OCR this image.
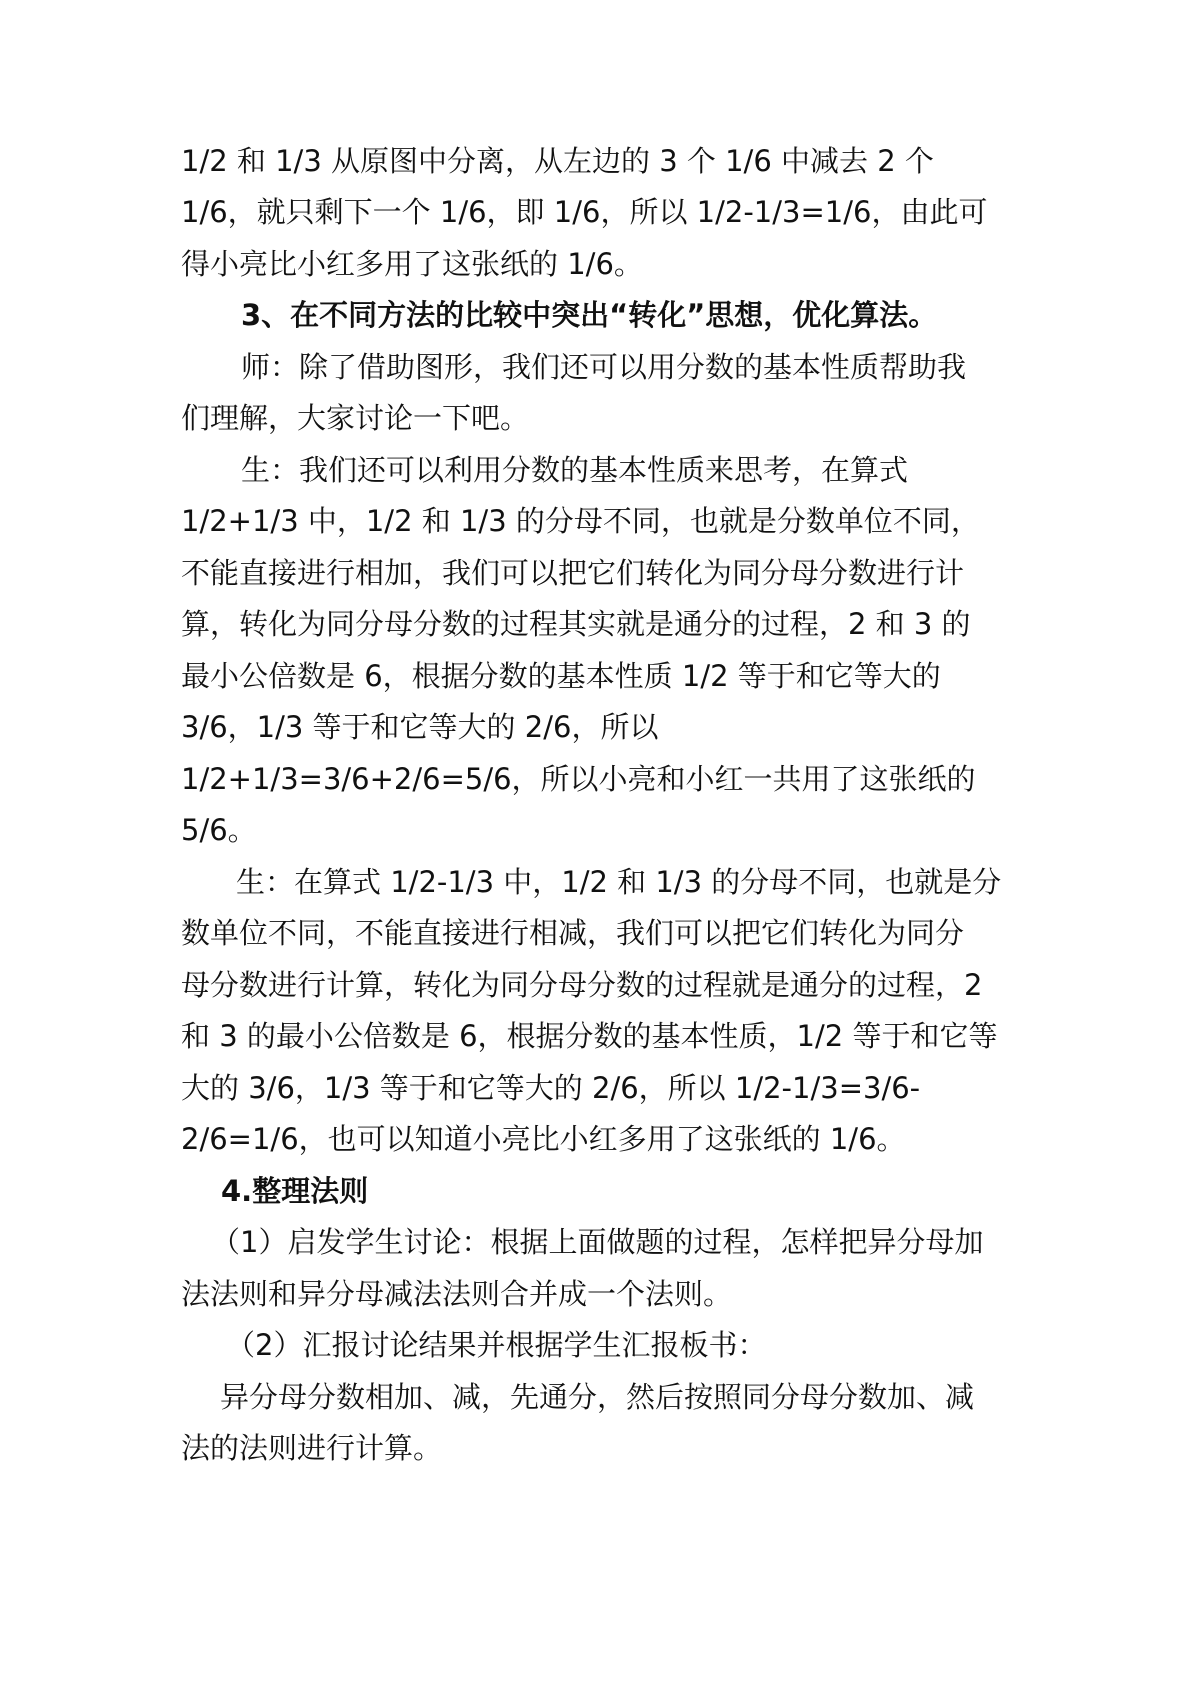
1/2 和 1/3 从原图中分离，从左边的 3 个 1/6 中减去 2 个
1/6，就只剩下一个 1/6，即 1/6，所以 1/2-1/3=1/6，由此可
得小亮比小红多用了这张纸的 1/6。
3、在不同方法的比较中突出“转化”思想，优化算法。
师：除了借助图形，我们还可以用分数的基本性质帮助我
们理解，大家讨论一下吧。
生：我们还可以利用分数的基本性质来思考，在算式
1/2+1/3 中，1/2 和 1/3 的分母不同，也就是分数单位不同，
不能直接进行相加，我们可以把它们转化为同分母分数进行计
算，转化为同分母分数的过程其实就是通分的过程，2 和 3 的
最小公倍数是 6，根据分数的基本性质 1/2 等于和它等大的
3/6，1/3 等于和它等大的 2/6，所以
1/2+1/3=3/6+2/6=5/6，所以小亮和小红一共用了这张纸的
5/6。
生：在算式 1/2-1/3 中，1/2 和 1/3 的分母不同，也就是分
数单位不同，不能直接进行相减，我们可以把它们转化为同分
母分数进行计算，转化为同分母分数的过程就是通分的过程，2
和 3 的最小公倍数是 6，根据分数的基本性质，1/2 等于和它等
大的 3/6，1/3 等于和它等大的 2/6，所以 1/2-1/3=3/6-
2/6=1/6，也可以知道小亮比小红多用了这张纸的 1/6。
4.整理法则
（1）启发学生讨论：根据上面做题的过程，怎样把异分母加
法法则和异分母减法法则合并成一个法则。
（2）汇报讨论结果并根据学生汇报板书：
异分母分数相加、减，先通分，然后按照同分母分数加、减
法的法则进行计算。
